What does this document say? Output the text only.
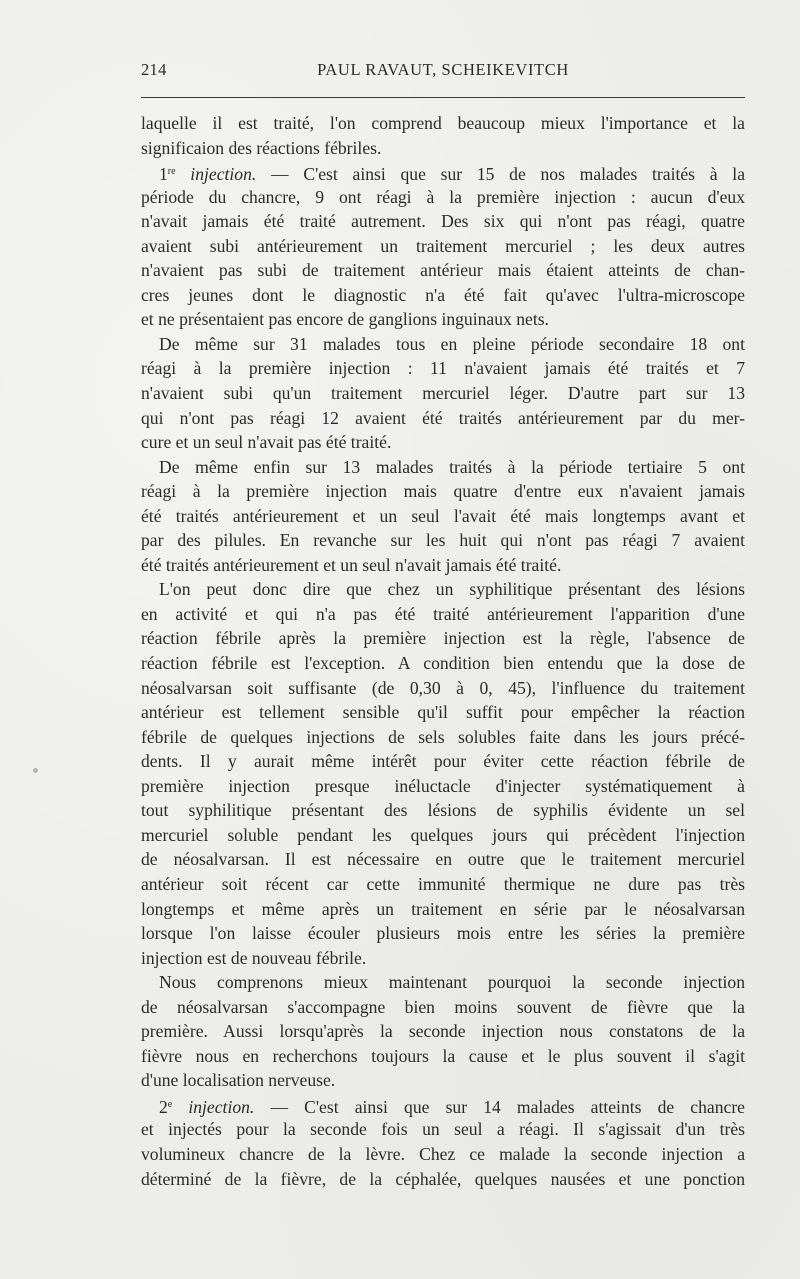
214	PAUL RAVAUT, SCHEIKEVITCH
laquelle il est traité, l'on comprend beaucoup mieux l'importance et la
significaion des réactions fébriles.
1re injection. — C'est ainsi que sur 15 de nos malades traités à la
période du chancre, 9 ont réagi à la première injection : aucun d'eux
n'avait jamais été traité autrement. Des six qui n'ont pas réagi, quatre
avaient subi antérieurement un traitement mercuriel ; les deux autres
n'avaient pas subi de traitement antérieur mais étaient atteints de chan-
cres jeunes dont le diagnostic n'a été fait qu'avec l'ultra-microscope
et ne présentaient pas encore de ganglions inguinaux nets.
De même sur 31 malades tous en pleine période secondaire 18 ont
réagi à la première injection : 11 n'avaient jamais été traités et 7
n'avaient subi qu'un traitement mercuriel léger. D'autre part sur 13
qui n'ont pas réagi 12 avaient été traités antérieurement par du mer-
cure et un seul n'avait pas été traité.
De même enfin sur 13 malades traités à la période tertiaire 5 ont
réagi à la première injection mais quatre d'entre eux n'avaient jamais
été traités antérieurement et un seul l'avait été mais longtemps avant et
par des pilules. En revanche sur les huit qui n'ont pas réagi 7 avaient
été traités antérieurement et un seul n'avait jamais été traité.
L'on peut donc dire que chez un syphilitique présentant des lésions
en activité et qui n'a pas été traité antérieurement l'apparition d'une
réaction fébrile après la première injection est la règle, l'absence de
réaction fébrile est l'exception. A condition bien entendu que la dose de
néosalvarsan soit suffisante (de 0,30 à 0, 45), l'influence du traitement
antérieur est tellement sensible qu'il suffit pour empêcher la réaction
fébrile de quelques injections de sels solubles faite dans les jours précé-
dents. Il y aurait même intérêt pour éviter cette réaction fébrile de
première injection presque inéluctacle d'injecter systématiquement à
tout syphilitique présentant des lésions de syphilis évidente un sel
mercuriel soluble pendant les quelques jours qui précèdent l'injection
de néosalvarsan. Il est nécessaire en outre que le traitement mercuriel
antérieur soit récent car cette immunité thermique ne dure pas très
longtemps et même après un traitement en série par le néosalvarsan
lorsque l'on laisse écouler plusieurs mois entre les séries la première
injection est de nouveau fébrile.
Nous comprenons mieux maintenant pourquoi la seconde injection
de néosalvarsan s'accompagne bien moins souvent de fièvre que la
première. Aussi lorsqu'après la seconde injection nous constatons de la
fièvre nous en recherchons toujours la cause et le plus souvent il s'agit
d'une localisation nerveuse.
2e injection. — C'est ainsi que sur 14 malades atteints de chancre
et injectés pour la seconde fois un seul a réagi. Il s'agissait d'un très
volumineux chancre de la lèvre. Chez ce malade la seconde injection a
déterminé de la fièvre, de la céphalée, quelques nausées et une ponction
